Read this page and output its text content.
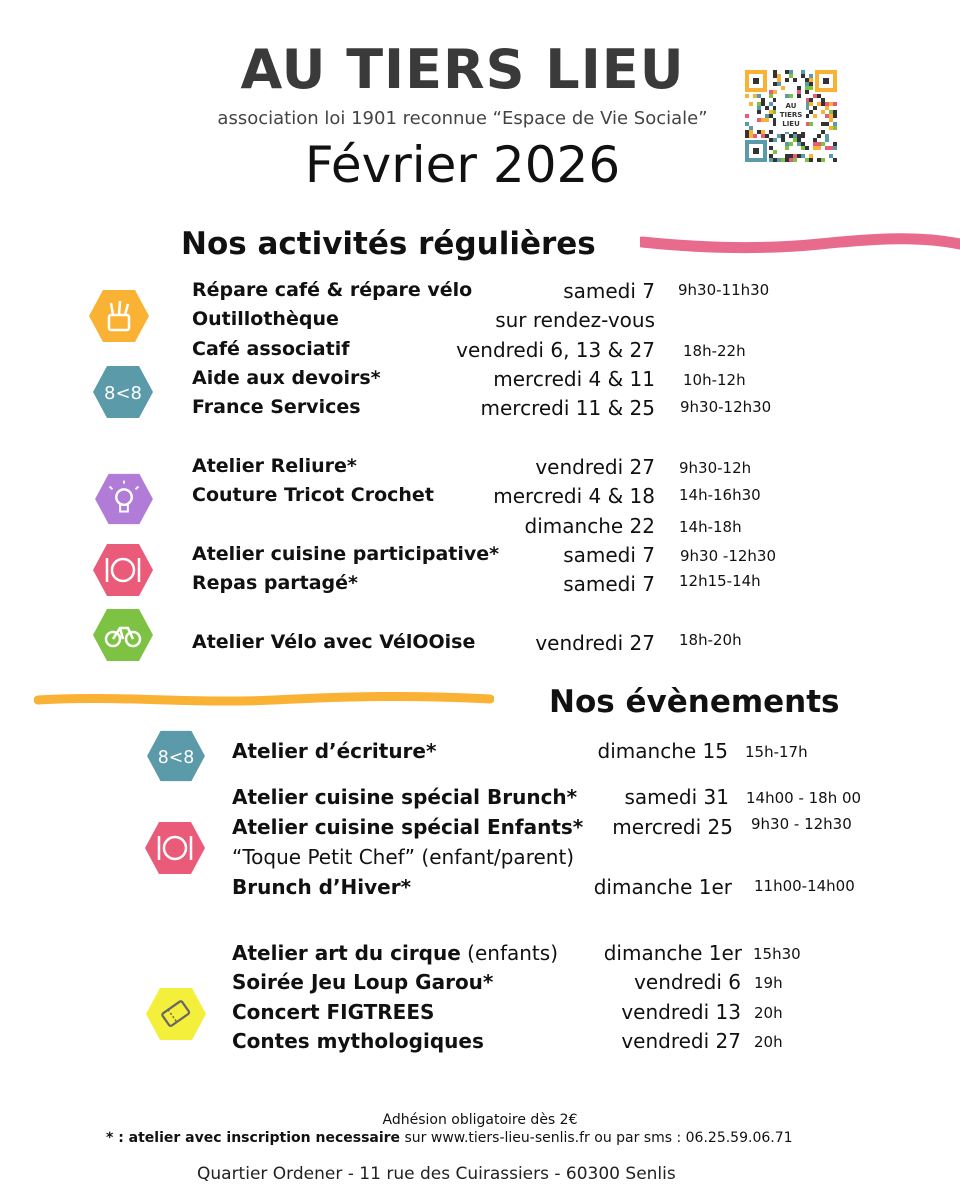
AU TIERS LIEU
association loi 1901 reconnue “Espace de Vie Sociale”
Février 2026
AU
TIERS
LIEU
Nos activités régulières
Répare café & répare vélo	samedi 7 9h30-11h30
Outillothèque	sur rendez-vous
Café associatif	vendredi 6, 13 & 27 18h-22h
Aide aux devoirs*	mercredi 4 & 11 10h-12h
France Services	mercredi 11 & 25 9h30-12h30
Atelier Reliure*	vendredi 27 9h30-12h
Couture Tricot Crochet	mercredi 4 & 18 14h-16h30
dimanche 22 14h-18h
Atelier cuisine participative*	samedi 7 9h30 -12h30
Repas partagé*	samedi 7 12h15-14h
Atelier Vélo avec VélOOise	vendredi 27 18h-20h
Nos évènements
Atelier d’écriture*	dimanche 15 15h-17h
Atelier cuisine spécial Brunch* samedi 31 14h00 - 18h 00
Atelier cuisine spécial Enfants* mercredi 25 9h30 - 12h30
“Toque Petit Chef” (enfant/parent)
Brunch d’Hiver*	dimanche 1er 11h00-14h00
Atelier art du cirque (enfants) dimanche 1er 15h30
Soirée Jeu Loup Garou*	vendredi 6 19h
Concert FIGTREES	vendredi 13 20h
Contes mythologiques	vendredi 27 20h
8<8
8<8
Adhésion obligatoire dès 2€
* : atelier avec inscription necessaire sur www.tiers-lieu-senlis.fr ou par sms : 06.25.59.06.71
Quartier Ordener - 11 rue des Cuirassiers - 60300 Senlis
